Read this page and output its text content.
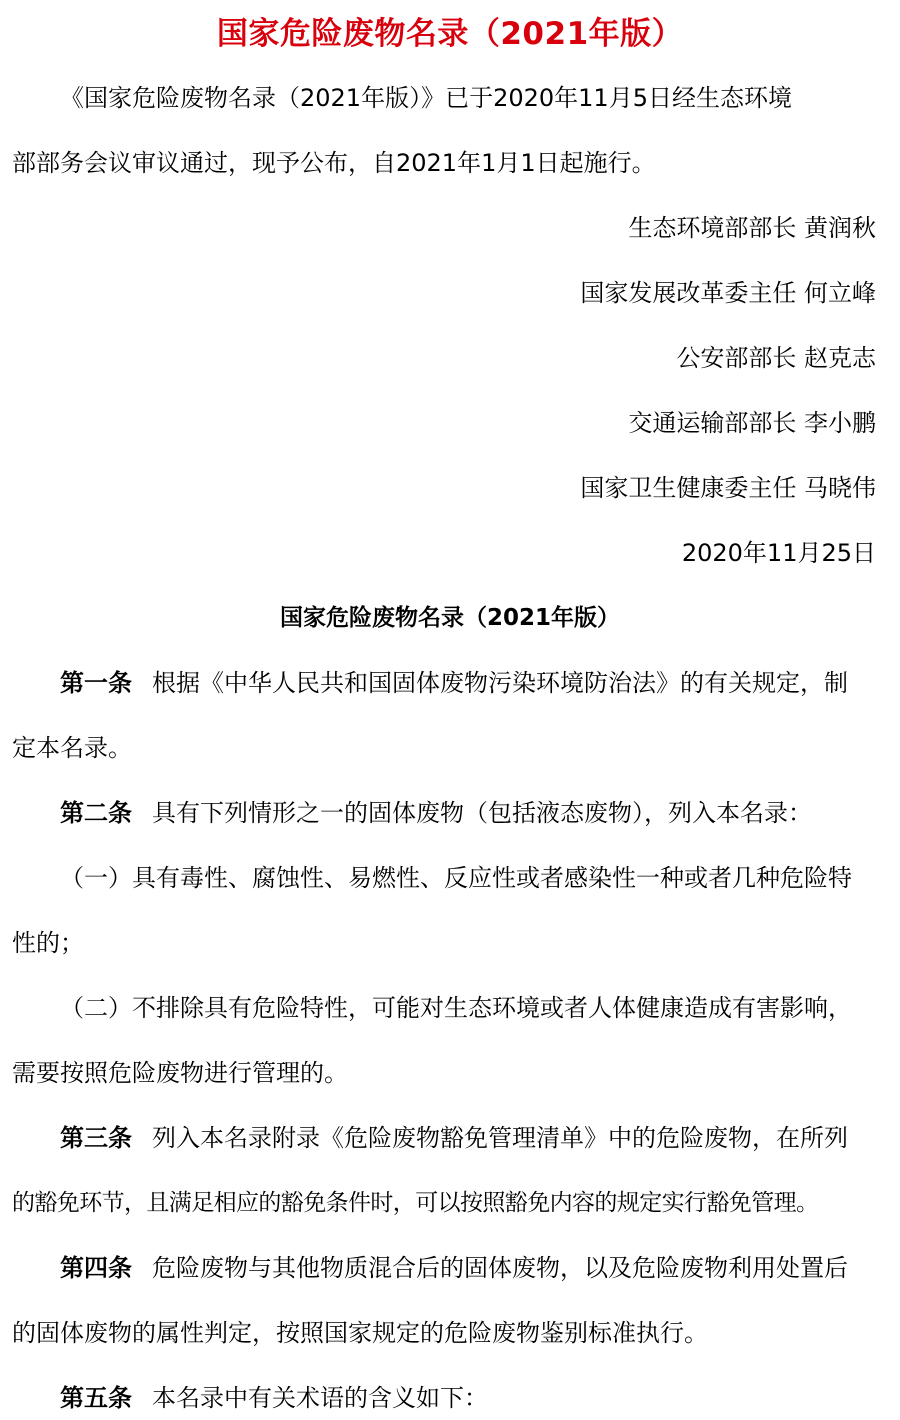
国家危险废物名录（2021年版）
《国家危险废物名录（2021年版）》已于2020年11月5日经生态环境
部部务会议审议通过，现予公布，自2021年1月1日起施行。
生态环境部部长 黄润秋
国家发展改革委主任 何立峰
公安部部长 赵克志
交通运输部部长 李小鹏
国家卫生健康委主任 马晓伟
2020年11月25日
国家危险废物名录（2021年版）
第一条 根据《中华人民共和国固体废物污染环境防治法》的有关规定，制
定本名录。
第二条 具有下列情形之一的固体废物（包括液态废物），列入本名录：
（一）具有毒性、腐蚀性、易燃性、反应性或者感染性一种或者几种危险特
性的；
（二）不排除具有危险特性，可能对生态环境或者人体健康造成有害影响，
需要按照危险废物进行管理的。
第三条 列入本名录附录《危险废物豁免管理清单》中的危险废物，在所列
的豁免环节，且满足相应的豁免条件时，可以按照豁免内容的规定实行豁免管理。
第四条 危险废物与其他物质混合后的固体废物，以及危险废物利用处置后
的固体废物的属性判定，按照国家规定的危险废物鉴别标准执行。
第五条 本名录中有关术语的含义如下：
